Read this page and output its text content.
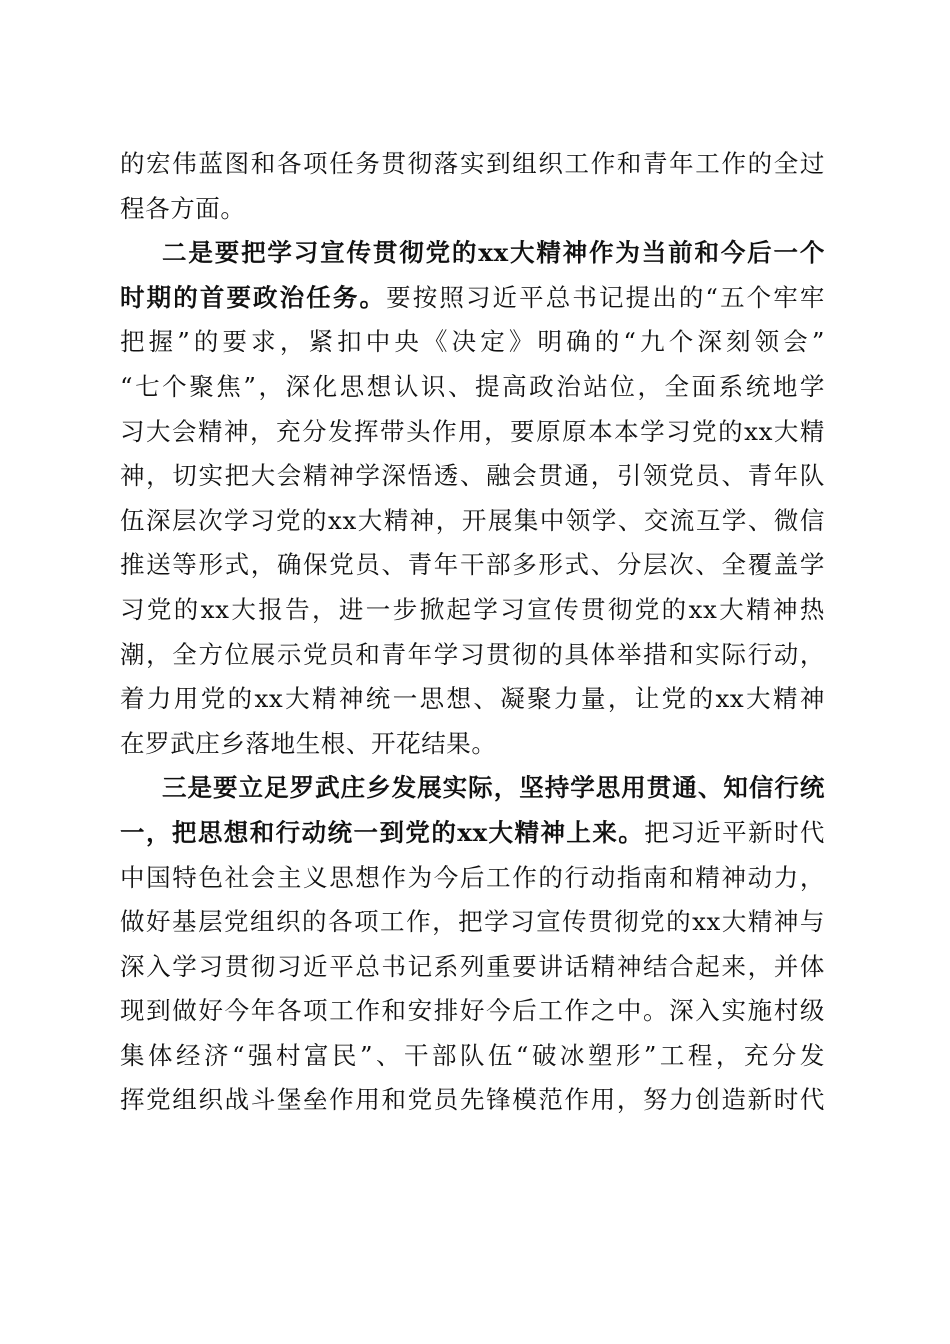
的宏伟蓝图和各项任务贯彻落实到组织工作和青年工作的全过
程各方面。
二是要把学习宣传贯彻党的xx大精神作为当前和今后一个
时期的首要政治任务。要按照习近平总书记提出的“五个牢牢
把握”的要求，紧扣中央《决定》明确的“九个深刻领会”
“七个聚焦”，深化思想认识、提高政治站位，全面系统地学
习大会精神，充分发挥带头作用，要原原本本学习党的xx大精
神，切实把大会精神学深悟透、融会贯通，引领党员、青年队
伍深层次学习党的xx大精神，开展集中领学、交流互学、微信
推送等形式，确保党员、青年干部多形式、分层次、全覆盖学
习党的xx大报告，进一步掀起学习宣传贯彻党的xx大精神热
潮，全方位展示党员和青年学习贯彻的具体举措和实际行动，
着力用党的xx大精神统一思想、凝聚力量，让党的xx大精神
在罗武庄乡落地生根、开花结果。
三是要立足罗武庄乡发展实际，坚持学思用贯通、知信行统
一，把思想和行动统一到党的xx大精神上来。把习近平新时代
中国特色社会主义思想作为今后工作的行动指南和精神动力，
做好基层党组织的各项工作，把学习宣传贯彻党的xx大精神与
深入学习贯彻习近平总书记系列重要讲话精神结合起来，并体
现到做好今年各项工作和安排好今后工作之中。深入实施村级
集体经济“强村富民”、干部队伍“破冰塑形”工程，充分发
挥党组织战斗堡垒作用和党员先锋模范作用，努力创造新时代
